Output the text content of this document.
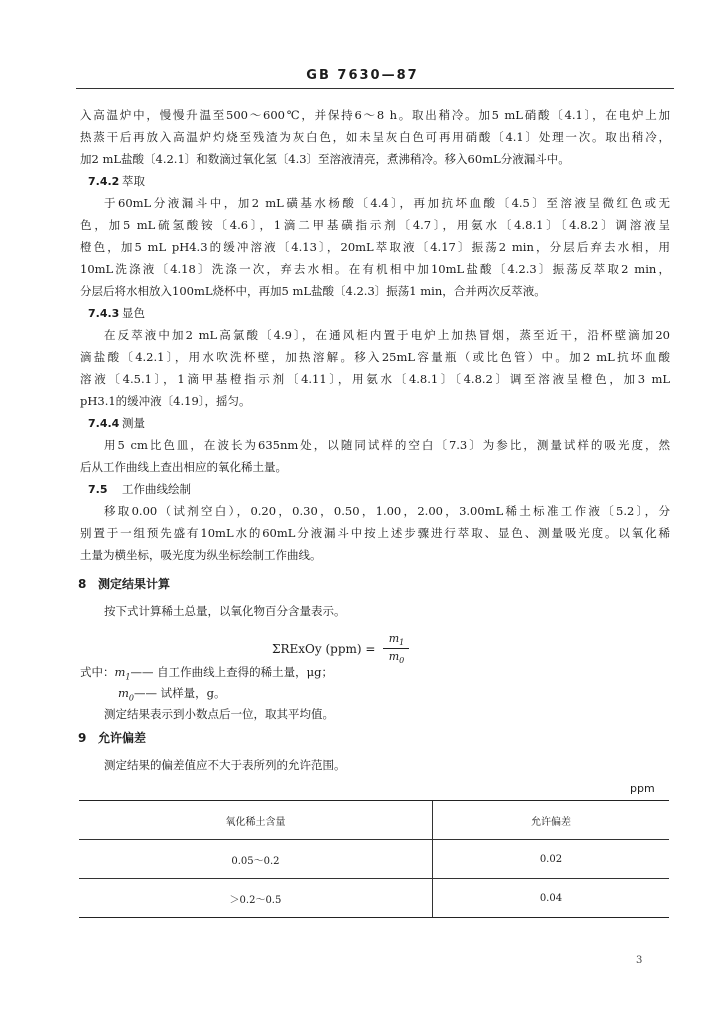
GB 7630—87
入高温炉中，慢慢升温至500～600℃，并保持6～8 h。取出稍冷。加5 mL硝酸〔4.1〕，在电炉上加
热蒸干后再放入高温炉灼烧至残渣为灰白色，如未呈灰白色可再用硝酸〔4.1〕处理一次。取出稍冷，
加2 mL盐酸〔4.2.1〕和数滴过氧化氢〔4.3〕至溶液清亮，煮沸稍冷。移入60mL分液漏斗中。
7.4.2 萃取
于60mL分液漏斗中，加2 mL磺基水杨酸〔4.4〕，再加抗坏血酸〔4.5〕至溶液呈微红色或无
色，加5 mL硫氢酸铵〔4.6〕，1滴二甲基磺指示剂〔4.7〕，用氨水〔4.8.1〕〔4.8.2〕调溶液呈
橙色，加5 mL pH4.3的缓冲溶液〔4.13〕，20mL萃取液〔4.17〕振荡2 min，分层后弃去水相，用
10mL洗涤液〔4.18〕洗涤一次，弃去水相。在有机相中加10mL盐酸〔4.2.3〕振荡反萃取2 min，
分层后将水相放入100mL烧杯中，再加5 mL盐酸〔4.2.3〕振荡1 min，合并两次反萃液。
7.4.3 显色
在反萃液中加2 mL高氯酸〔4.9〕，在通风柜内置于电炉上加热冒烟，蒸至近干，沿杯壁滴加20
滴盐酸〔4.2.1〕，用水吹洗杯壁，加热溶解。移入25mL容量瓶（或比色管）中。加2 mL抗坏血酸
溶液〔4.5.1〕，1滴甲基橙指示剂〔4.11〕，用氨水〔4.8.1〕〔4.8.2〕调至溶液呈橙色，加3 mL
pH3.1的缓冲液〔4.19〕，摇匀。
7.4.4 测量
用5 cm比色皿，在波长为635nm处，以随同试样的空白〔7.3〕为参比，测量试样的吸光度，然
后从工作曲线上查出相应的氧化稀土量。
7.5 工作曲线绘制
移取0.00（试剂空白），0.20，0.30，0.50，1.00，2.00，3.00mL稀土标准工作液〔5.2〕，分
别置于一组预先盛有10mL水的60mL分液漏斗中按上述步骤进行萃取、显色、测量吸光度。以氧化稀
土量为横坐标，吸光度为纵坐标绘制工作曲线。
8 测定结果计算
按下式计算稀土总量，以氧化物百分含量表示。
ΣRExOy $(ppm) = \frac{m_1}{m_0}$
式中：$m_1——$ 自工作曲线上查得的稀土量，μg；
$m_0——$ 试样量，g。
测定结果表示到小数点后一位，取其平均值。
9 允许偏差
测定结果的偏差值应不大于表所列的允许范围。
ppm
氧化稀土含量	允许偏差
0.05～0.2	0.02
＞0.2～0.5	0.04
3
